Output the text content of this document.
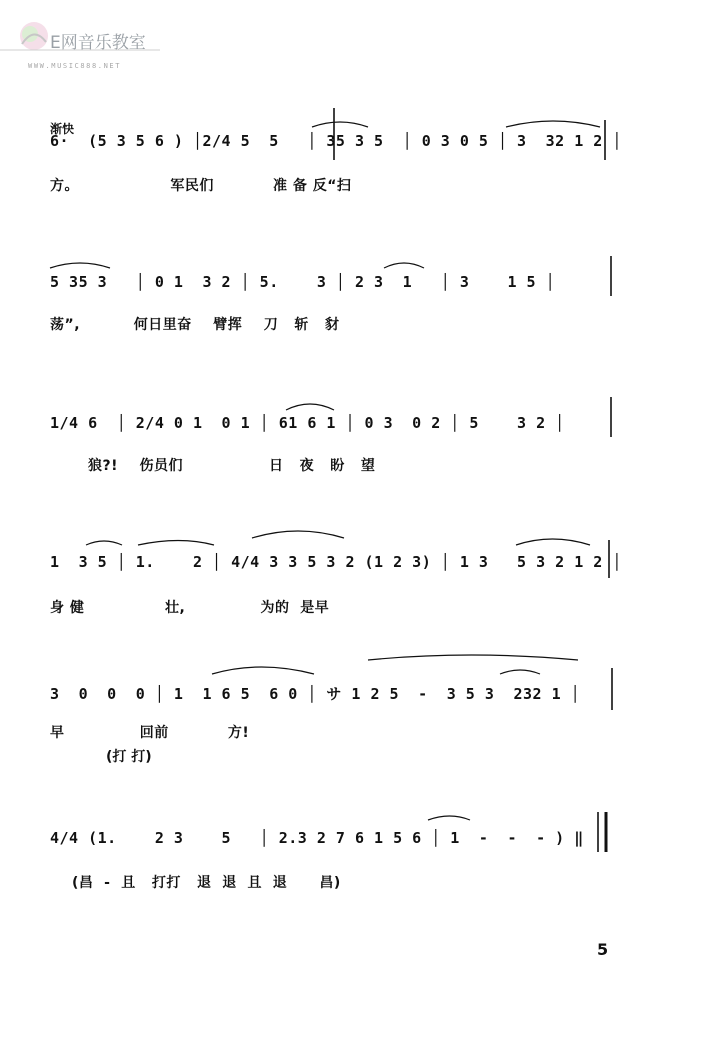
E网音乐教室
WWW.MUSIC888.NET
渐快
6·  (5 3 5 6 ) │2/4 5  5   │ 35 3 5  │ 0 3 0 5 │ 3  32 1 2 │
方。                 军民们           准 备 反“扫
5 35 3   │ 0 1  3 2 │ 5.    3 │ 2 3  1   │ 3    1 5 │
荡”,          何日里奋    臂挥    刀   斩   豺
1/4 6  │ 2/4 0 1  0 1 │ 61 6 1 │ 0 3  0 2 │ 5    3 2 │
狼?!    伤员们                日   夜   盼   望
1  3 5 │ 1.    2 │ 4/4 3 3 5 3 2 (1 2 3) │ 1 3   5 3 2 1 2 │
身 健               壮,              为的  是早
3  0  0  0 │ 1  1 6 5  6 0 │ サ 1 2 5  -  3 5 3  232 1 │
早              回前           方!
(打 打)
4/4 (1.    2 3    5   │ 2.3 2 7 6 1 5 6 │ 1  -  -  - ) ‖
(昌  -  且   打打   退  退  且  退      昌)
5
